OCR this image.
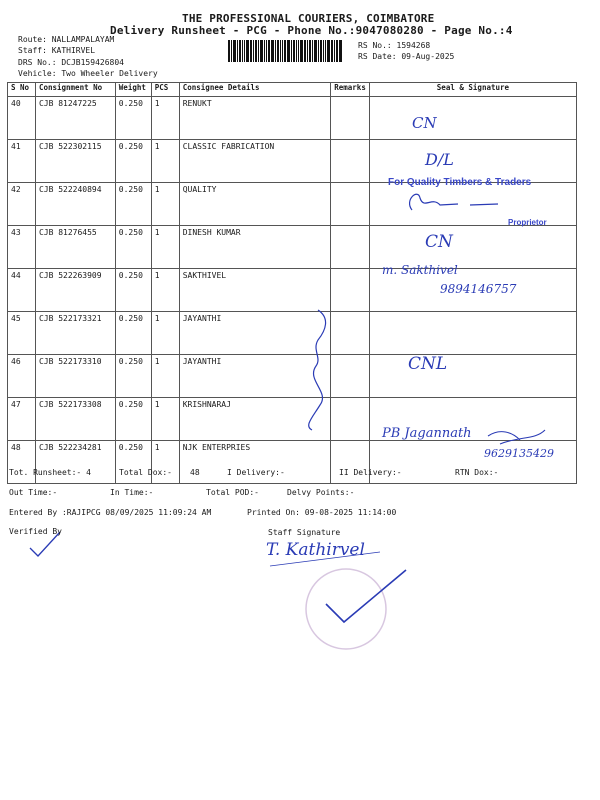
THE PROFESSIONAL COURIERS, COIMBATORE
Delivery Runsheet - PCG - Phone No.:9047080280 - Page No.:4
Route: NALLAMPALAYAM
Staff: KATHIRVEL
DRS No.: DCJB159426804
Vehicle: Two Wheeler Delivery
RS No.: 1594268
RS Date: 09-Aug-2025
S No	Consignment No	Weight	PCS	Consignee Details	Remarks	Seal & Signature
40	CJB 81247225	0.250	1	RENUKT		
41	CJB 522302115	0.250	1	CLASSIC FABRICATION		
42	CJB 522240894	0.250	1	QUALITY		
43	CJB 81276455	0.250	1	DINESH KUMAR		
44	CJB 522263909	0.250	1	SAKTHIVEL		
45	CJB 522173321	0.250	1	JAYANTHI		
46	CJB 522173310	0.250	1	JAYANTHI		
47	CJB 522173308	0.250	1	KRISHNARAJ		
48	CJB 522234281	0.250	1	NJK ENTERPRIES		
CN
D/L
For Quality Timbers & Traders
Proprietor
CN
m. Sakthivel
9894146757
CNL
PB Jagannath
9629135429
Tot. Runsheet:- 4	Total Dox:- 48	I Delivery:-	II Delivery:-	RTN Dox:-
Out Time:-	In Time:-	Total POD:-	Delvy Points:-
Entered By :RAJIPCG 08/09/2025 11:09:24 AM	Printed On: 09-08-2025 11:14:00
Verified By	Staff Signature
T. Kathirvel
